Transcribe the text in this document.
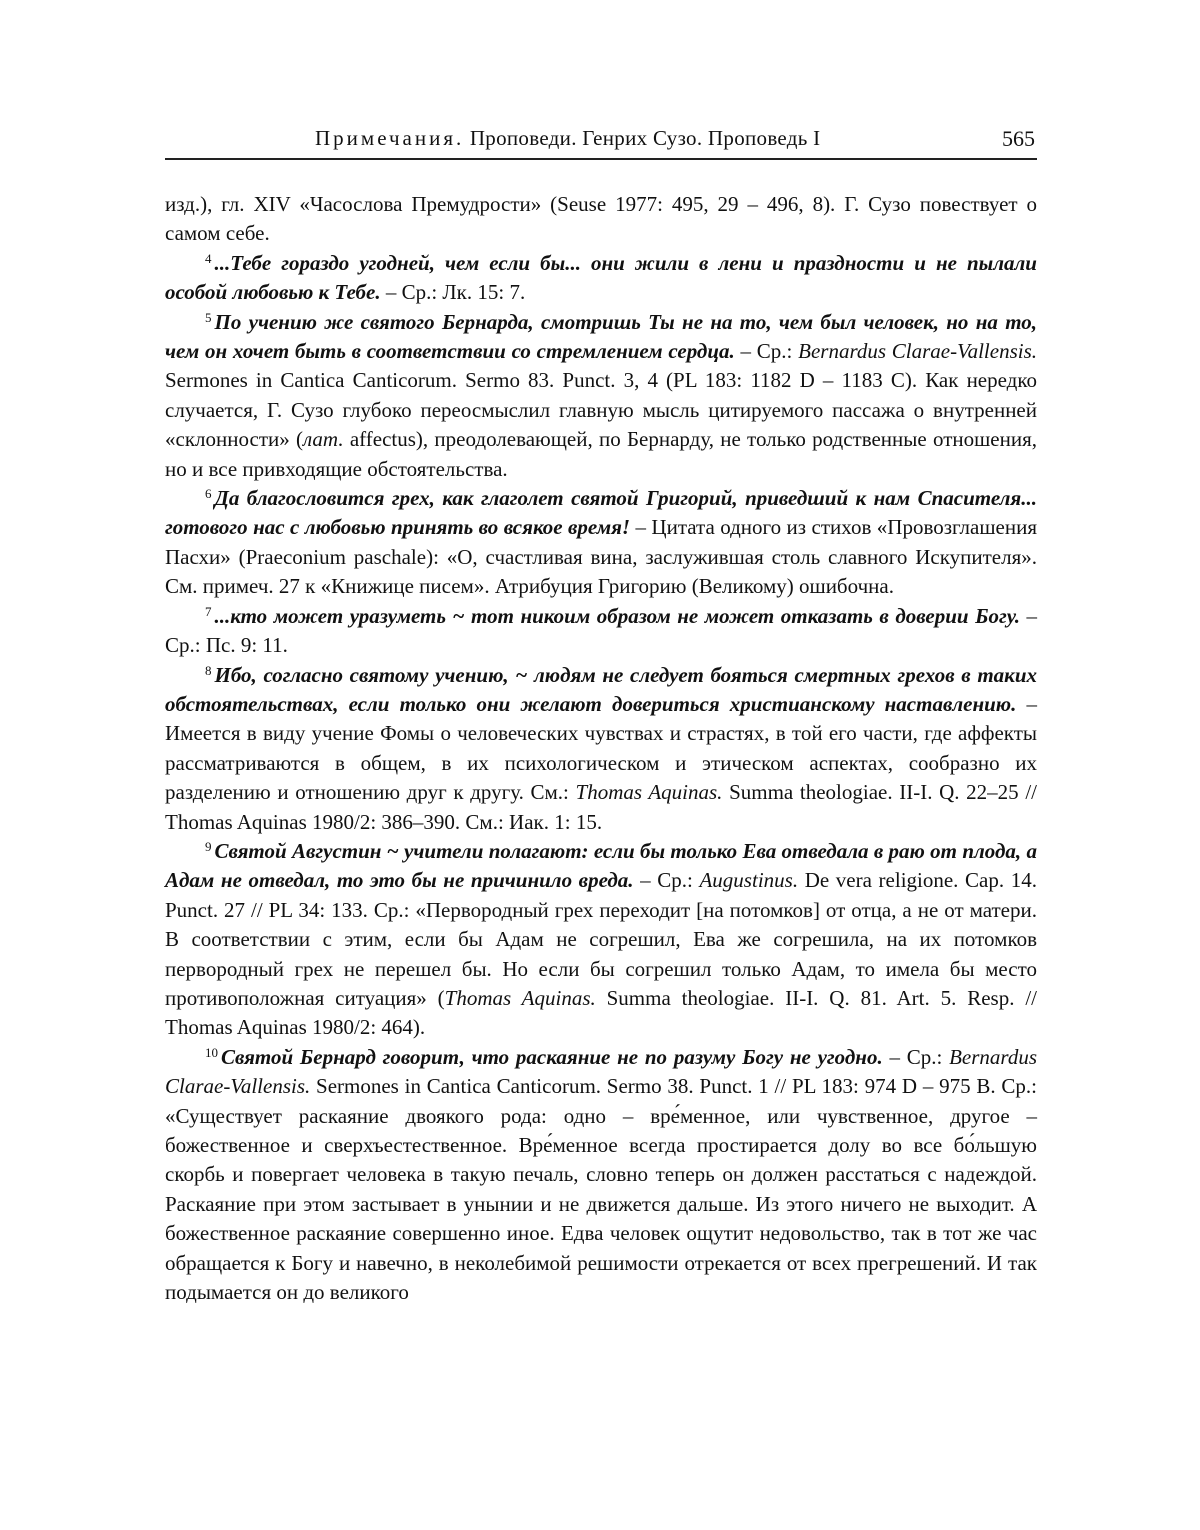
Примечания. Проповеди. Генрих Сузо. Проповедь I	565

изд.), гл. XIV «Часослова Премудрости» (Seuse 1977: 495, 29 – 496, 8). Г. Сузо повествует о самом себе.

$^4$ ...Тебе гораздо угодней, чем если бы... они жили в лени и праздности и не пылали особой любовью к Тебе. – Ср.: Лк. 15: 7.

$^5$ По учению же святого Бернарда, смотришь Ты не на то, чем был человек, но на то, чем он хочет быть в соответствии со стремлением сердца. – Ср.: Bernardus Clarae-Vallensis. Sermones in Cantica Canticorum. Sermo 83. Punct. 3, 4 (PL 183: 1182 D – 1183 C). Как нередко случается, Г. Сузо глубоко переосмыслил главную мысль цитируемого пассажа о внутренней «склонности» (лат. affectus), преодолевающей, по Бернарду, не только родственные отношения, но и все привходящие обстоятельства.

$^6$ Да благословится грех, как глаголет святой Григорий, приведший к нам Спасителя... готового нас с любовью принять во всякое время! – Цитата одного из стихов «Провозглашения Пасхи» (Praeconium paschale): «О, счастливая вина, заслужившая столь славного Искупителя». См. примеч. 27 к «Книжице писем». Атрибуция Григорию (Великому) ошибочна.

$^7$ ...кто может уразуметь ~ тот никоим образом не может отказать в доверии Богу. – Ср.: Пс. 9: 11.

$^8$ Ибо, согласно святому учению, ~ людям не следует бояться смертных грехов в таких обстоятельствах, если только они желают довериться христианскому наставлению. – Имеется в виду учение Фомы о человеческих чувствах и страстях, в той его части, где аффекты рассматриваются в общем, в их психологическом и этическом аспектах, сообразно их разделению и отношению друг к другу. См.: Thomas Aquinas. Summa theologiae. II-I. Q. 22–25 // Thomas Aquinas 1980/2: 386–390. См.: Иак. 1: 15.

$^9$ Святой Августин ~ учители полагают: если бы только Ева отведала в раю от плода, а Адам не отведал, то это бы не причинило вреда. – Ср.: Augustinus. De vera religione. Cap. 14. Punct. 27 // PL 34: 133. Ср.: «Первородный грех переходит [на потомков] от отца, а не от матери. В соответствии с этим, если бы Адам не согрешил, Ева же согрешила, на их потомков первородный грех не перешел бы. Но если бы согрешил только Адам, то имела бы место противоположная ситуация» (Thomas Aquinas. Summa theologiae. II-I. Q. 81. Art. 5. Resp. // Thomas Aquinas 1980/2: 464).

$^{10}$ Святой Бернард говорит, что раскаяние не по разуму Богу не угодно. – Ср.: Bernardus Clarae-Vallensis. Sermones in Cantica Canticorum. Sermo 38. Punct. 1 // PL 183: 974 D – 975 B. Ср.: «Существует раскаяние двоякого рода: одно – вре́менное, или чувственное, другое – божественное и сверхъестественное. Вре́менное всегда простирается долу во все бо́льшую скорбь и повергает человека в такую печаль, словно теперь он должен расстаться с надеждой. Раскаяние при этом застывает в унынии и не движется дальше. Из этого ничего не выходит. А божественное раскаяние совершенно иное. Едва человек ощутит недовольство, так в тот же час обращается к Богу и навечно, в неколебимой решимости отрекается от всех прегрешений. И так подымается он до великого
